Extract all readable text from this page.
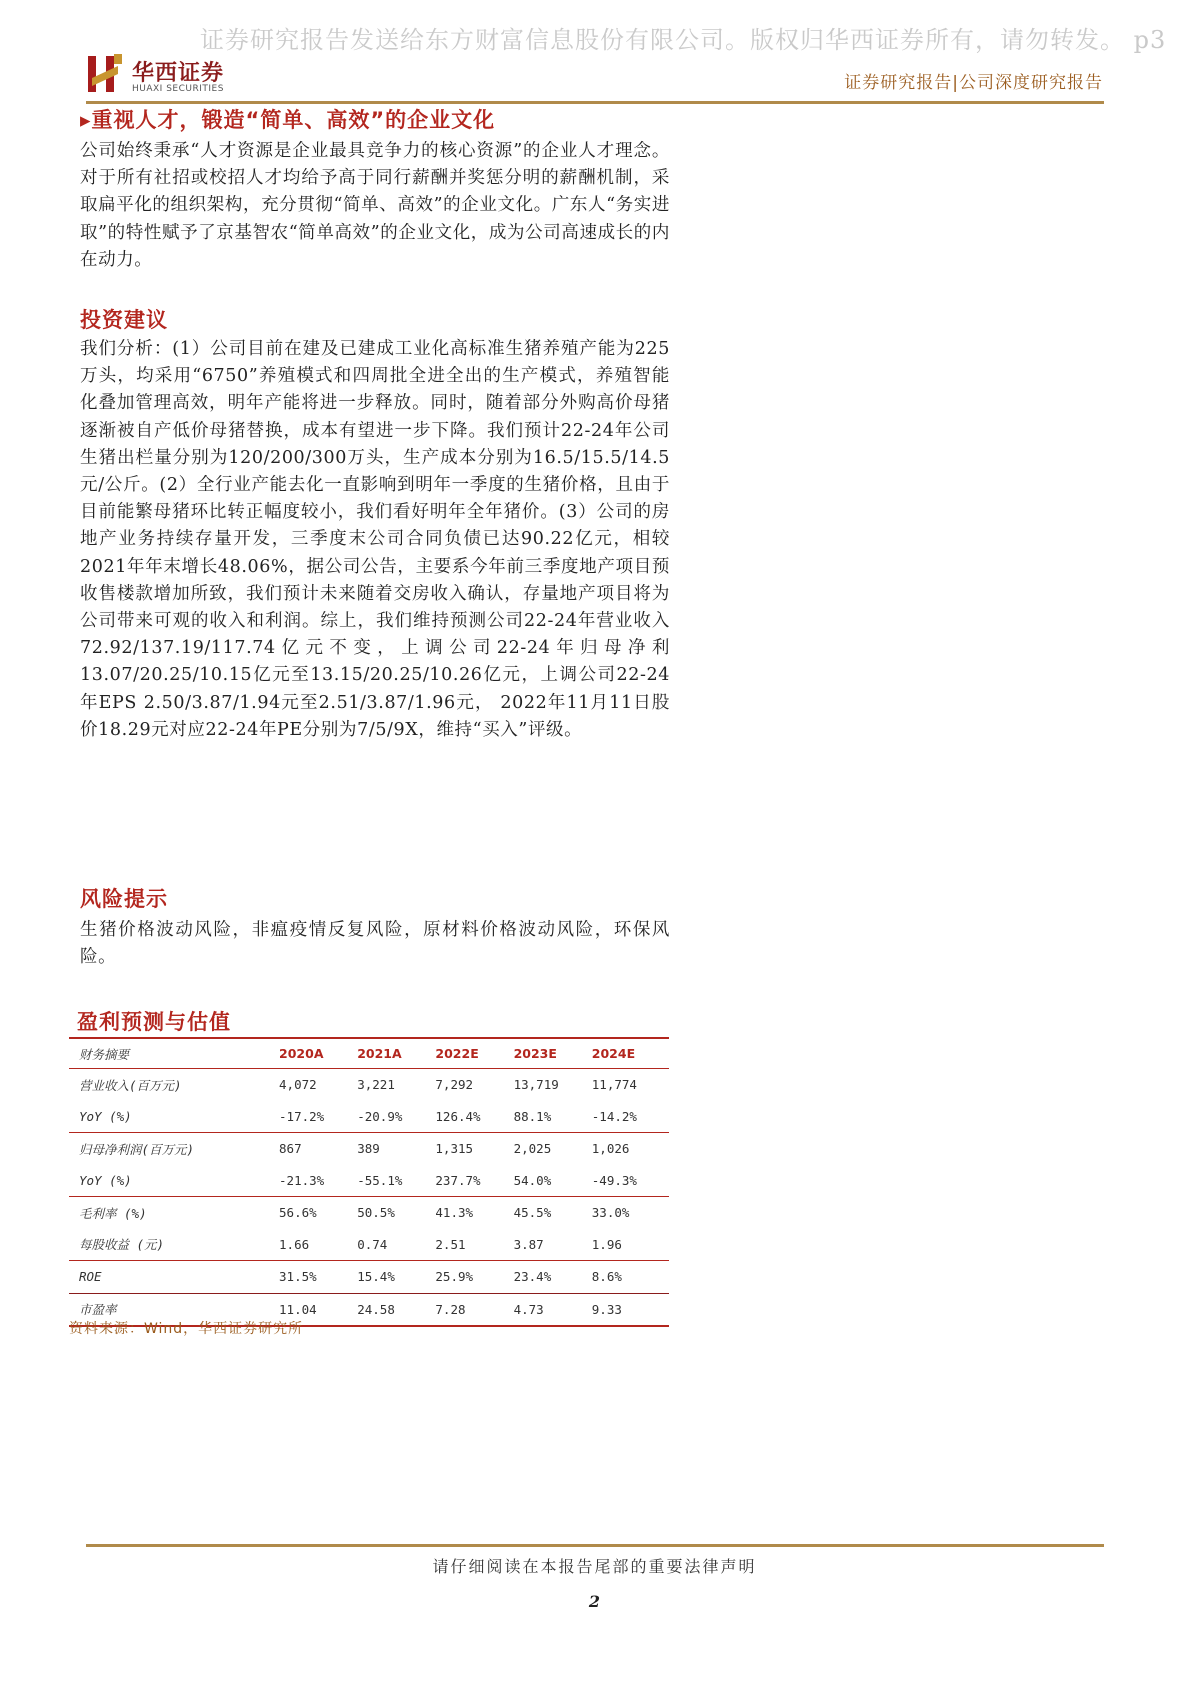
证券研究报告发送给东方财富信息股份有限公司。版权归华西证券所有，请勿转发。 p3
华西证券
HUAXI SECURITIES	证券研究报告|公司深度研究报告
▸重视人才，锻造“简单、高效”的企业文化
公司始终秉承“人才资源是企业最具竞争力的核心资源”的企业人才理念。对于所有社招或校招人才均给予高于同行薪酬并奖惩分明的薪酬机制，采取扁平化的组织架构，充分贯彻“简单、高效”的企业文化。广东人“务实进取”的特性赋予了京基智农“简单高效”的企业文化，成为公司高速成长的内在动力。
投资建议
我们分析：(1）公司目前在建及已建成工业化高标准生猪养殖产能为225万头，均采用“6750”养殖模式和四周批全进全出的生产模式，养殖智能化叠加管理高效，明年产能将进一步释放。同时，随着部分外购高价母猪逐渐被自产低价母猪替换，成本有望进一步下降。我们预计22-24年公司生猪出栏量分别为120/200/300万头，生产成本分别为16.5/15.5/14.5元/公斤。(2）全行业产能去化一直影响到明年一季度的生猪价格，且由于目前能繁母猪环比转正幅度较小，我们看好明年全年猪价。(3）公司的房地产业务持续存量开发，三季度末公司合同负债已达90.22亿元，相较2021年年末增长48.06%，据公司公告，主要系今年前三季度地产项目预收售楼款增加所致，我们预计未来随着交房收入确认，存量地产项目将为公司带来可观的收入和利润。综上，我们维持预测公司22-24年营业收入72.92/137.19/117.74亿元不变，上调公司22-24年归母净利13.07/20.25/10.15亿元至13.15/20.25/10.26亿元，上调公司22-24年EPS 2.50/3.87/1.94元至2.51/3.87/1.96元， 2022年11月11日股价18.29元对应22-24年PE分别为7/5/9X，维持“买入”评级。
风险提示
生猪价格波动风险，非瘟疫情反复风险，原材料价格波动风险，环保风险。
盈利预测与估值
财务摘要	2020A	2021A	2022E	2023E	2024E
营业收入(百万元)	4,072	3,221	7,292	13,719	11,774
YoY (%)	-17.2%	-20.9%	126.4%	88.1%	-14.2%
归母净利润(百万元)	867	389	1,315	2,025	1,026
YoY (%)	-21.3%	-55.1%	237.7%	54.0%	-49.3%
毛利率 (%)	56.6%	50.5%	41.3%	45.5%	33.0%
每股收益 (元)	1.66	0.74	2.51	3.87	1.96
ROE	31.5%	15.4%	25.9%	23.4%	8.6%
市盈率	11.04	24.58	7.28	4.73	9.33
资料来源：Wind，华西证券研究所
请仔细阅读在本报告尾部的重要法律声明
2
